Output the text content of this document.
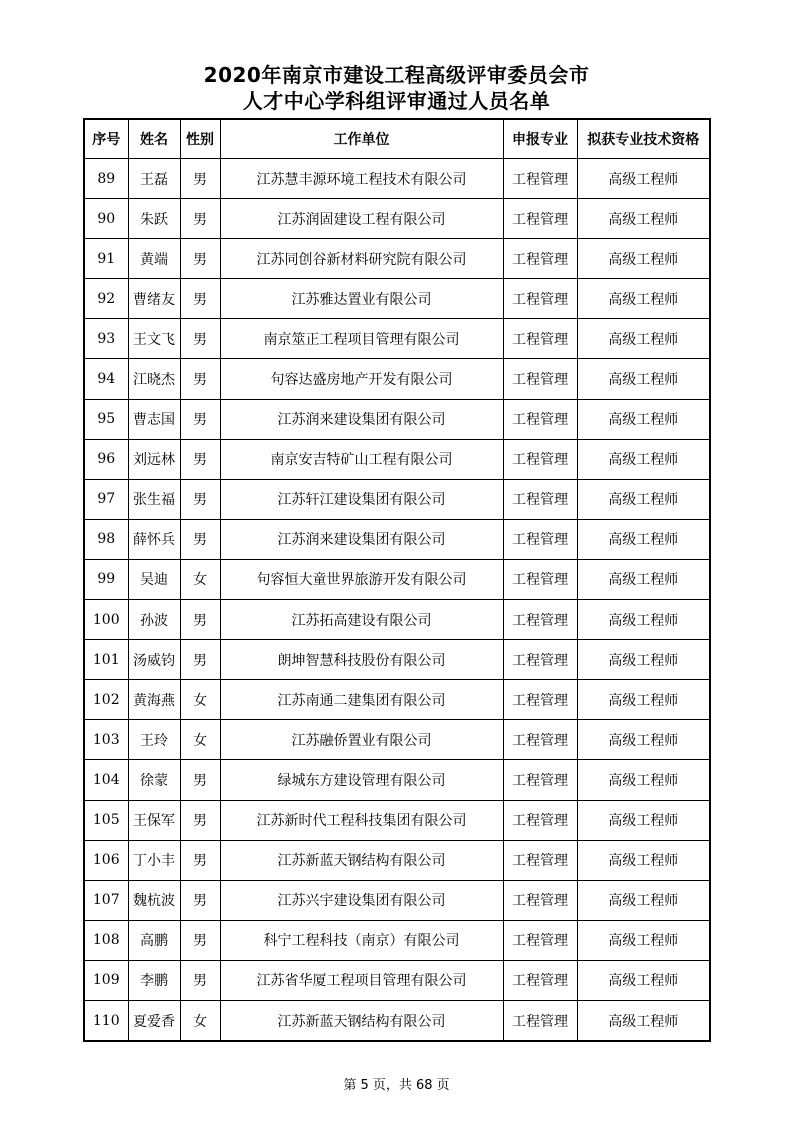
2020年南京市建设工程高级评审委员会市
人才中心学科组评审通过人员名单
序号	姓名	性别	工作单位	申报专业	拟获专业技术资格
89	王磊	男	江苏慧丰源环境工程技术有限公司	工程管理	高级工程师
90	朱跃	男	江苏润固建设工程有限公司	工程管理	高级工程师
91	黄端	男	江苏同创谷新材料研究院有限公司	工程管理	高级工程师
92	曹绪友	男	江苏雅达置业有限公司	工程管理	高级工程师
93	王文飞	男	南京筮正工程项目管理有限公司	工程管理	高级工程师
94	江晓杰	男	句容达盛房地产开发有限公司	工程管理	高级工程师
95	曹志国	男	江苏润来建设集团有限公司	工程管理	高级工程师
96	刘远林	男	南京安吉特矿山工程有限公司	工程管理	高级工程师
97	张生福	男	江苏轩江建设集团有限公司	工程管理	高级工程师
98	薛怀兵	男	江苏润来建设集团有限公司	工程管理	高级工程师
99	吴迪	女	句容恒大童世界旅游开发有限公司	工程管理	高级工程师
100	孙波	男	江苏拓高建设有限公司	工程管理	高级工程师
101	汤威钧	男	朗坤智慧科技股份有限公司	工程管理	高级工程师
102	黄海燕	女	江苏南通二建集团有限公司	工程管理	高级工程师
103	王玲	女	江苏融侨置业有限公司	工程管理	高级工程师
104	徐蒙	男	绿城东方建设管理有限公司	工程管理	高级工程师
105	王保军	男	江苏新时代工程科技集团有限公司	工程管理	高级工程师
106	丁小丰	男	江苏新蓝天钢结构有限公司	工程管理	高级工程师
107	魏杭波	男	江苏兴宇建设集团有限公司	工程管理	高级工程师
108	高鹏	男	科宁工程科技（南京）有限公司	工程管理	高级工程师
109	李鹏	男	江苏省华厦工程项目管理有限公司	工程管理	高级工程师
110	夏爱香	女	江苏新蓝天钢结构有限公司	工程管理	高级工程师
第 5 页，共 68 页
